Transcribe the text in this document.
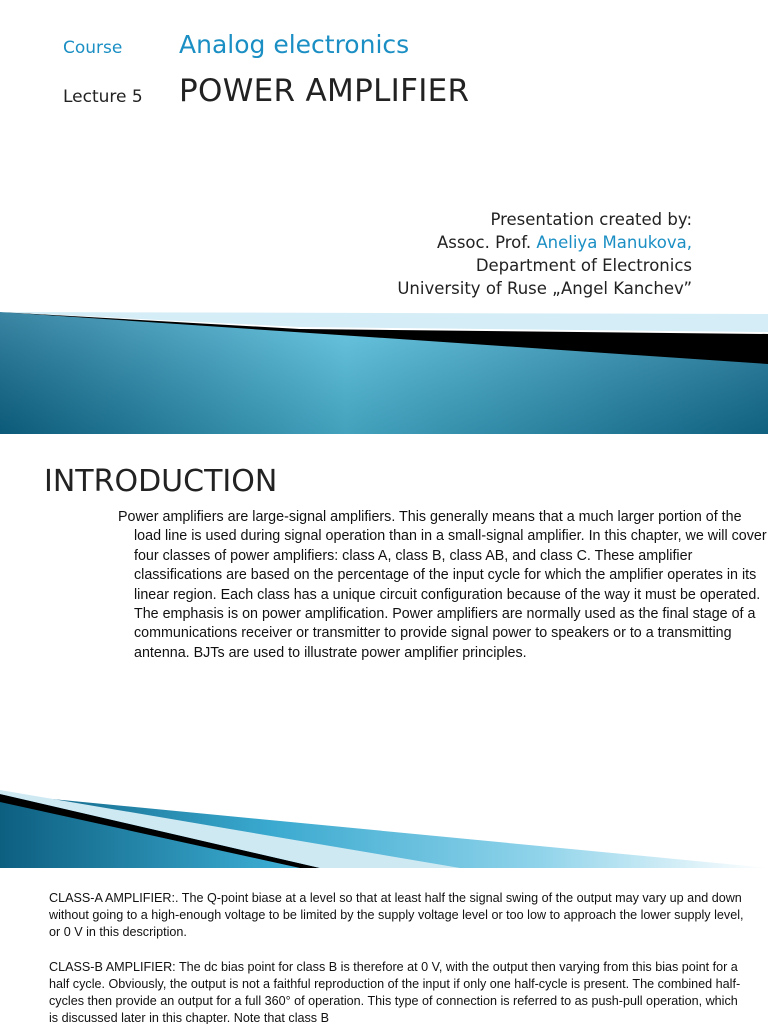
Course Analog electronics
Lecture 5 POWER AMPLIFIER
Presentation created by:
Assoc. Prof. Aneliya Manukova,
Department of Electronics
University of Ruse „Angel Kanchev”
INTRODUCTION

Power amplifiers are large-signal amplifiers. This generally means that a much larger portion of the load line is used during signal operation than in a small-signal amplifier. In this chapter, we will cover four classes of power amplifiers: class A, class B, class AB, and class C. These amplifier classifications are based on the percentage of the input cycle for which the amplifier operates in its linear region. Each class has a unique circuit configuration because of the way it must be operated. The emphasis is on power amplification. Power amplifiers are normally used as the final stage of a communications receiver or transmitter to provide signal power to speakers or to a transmitting antenna. BJTs are used to illustrate power amplifier principles.

CLASS-A AMPLIFIER:. The Q-point biase at a level so that at least half the signal swing of the output may vary up and down without going to a high-enough voltage to be limited by the supply voltage level or too low to approach the lower supply level, or 0 V in this description.

CLASS-B AMPLIFIER: The dc bias point for class B is therefore at 0 V, with the output then varying from this bias point for a half cycle. Obviously, the output is not a faithful reproduction of the input if only one half-cycle is present. The combined half-cycles then provide an output for a full 360° of operation. This type of connection is referred to as push-pull operation, which is discussed later in this chapter. Note that class B
